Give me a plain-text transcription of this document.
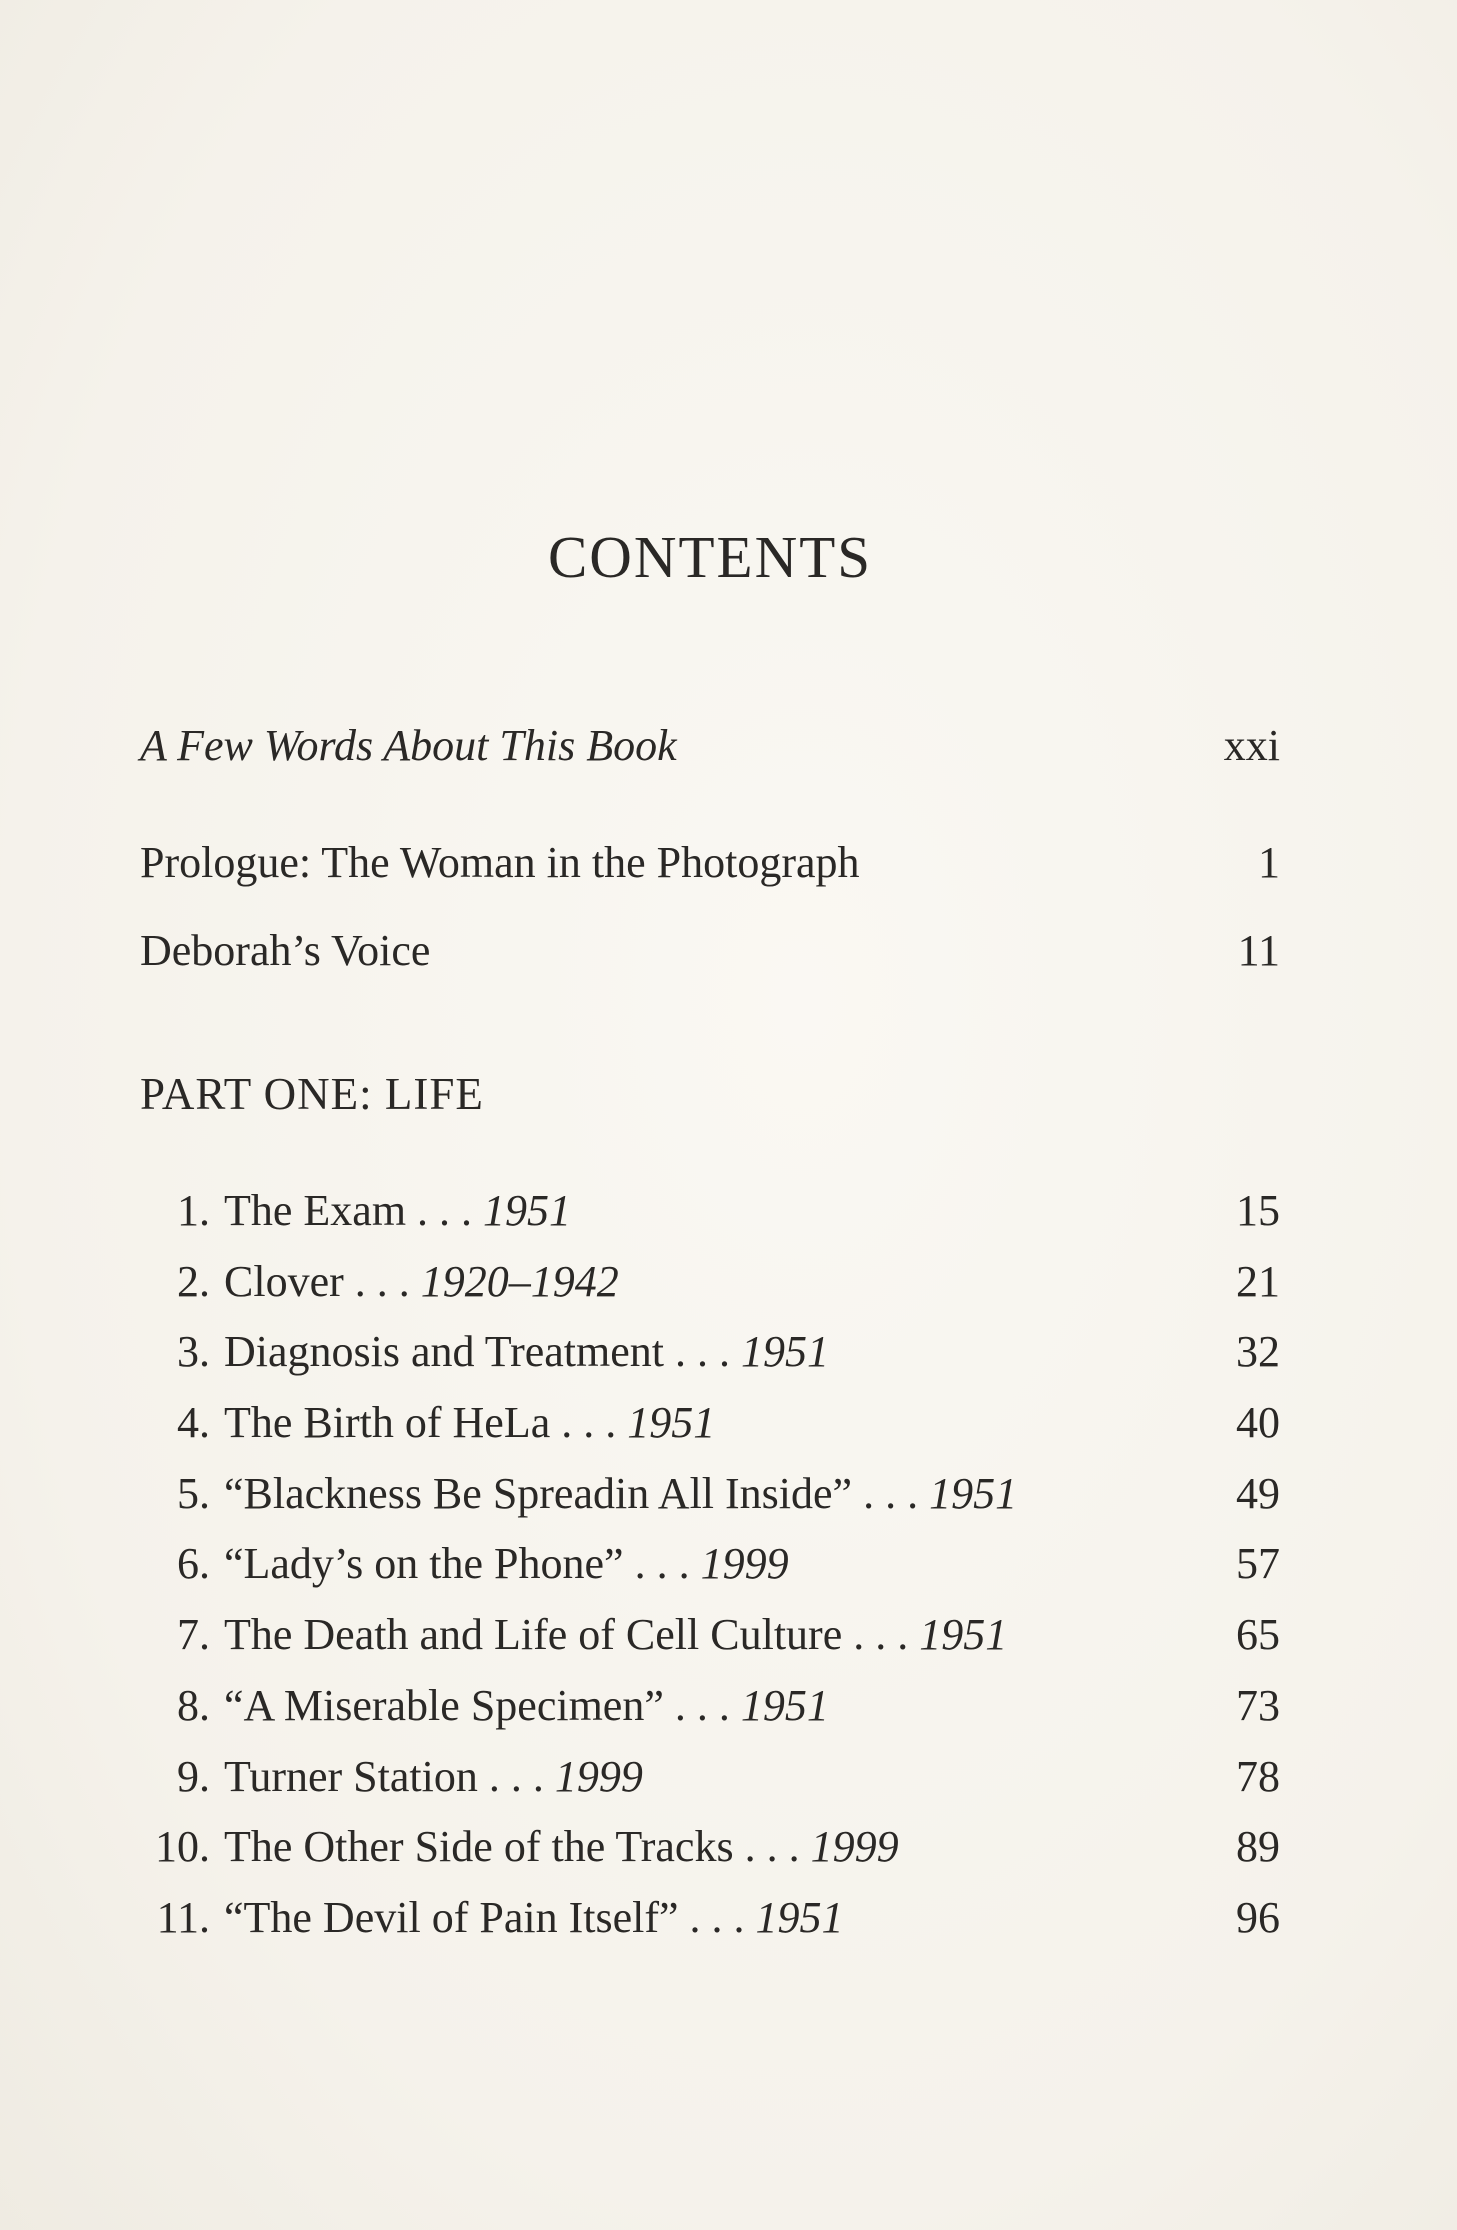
CONTENTS
A Few Words About This Book	xxi
Prologue: The Woman in the Photograph	1
Deborah’s Voice	11
PART ONE: LIFE
1. The Exam . . . 1951	15
2. Clover . . . 1920–1942	21
3. Diagnosis and Treatment . . . 1951	32
4. The Birth of HeLa . . . 1951	40
5. “Blackness Be Spreadin All Inside” . . . 1951	49
6. “Lady’s on the Phone” . . . 1999	57
7. The Death and Life of Cell Culture . . . 1951	65
8. “A Miserable Specimen” . . . 1951	73
9. Turner Station . . . 1999	78
10. The Other Side of the Tracks . . . 1999	89
11. “The Devil of Pain Itself” . . . 1951	96
